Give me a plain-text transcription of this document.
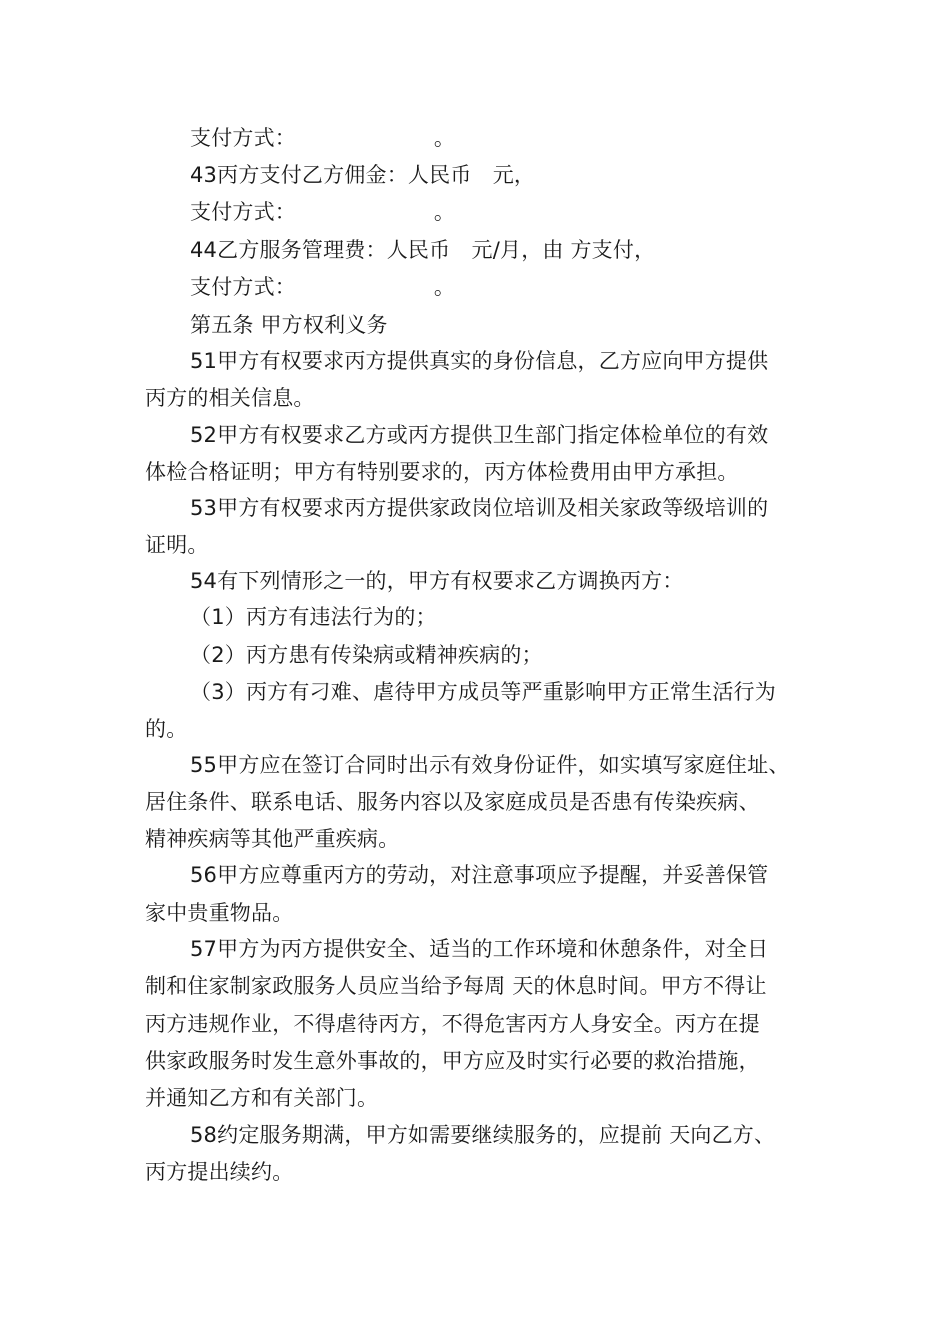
支付方式：　　　　　　　。
43丙方支付乙方佣金：人民币　元，
支付方式：　　　　　　　。
44乙方服务管理费：人民币　元/月，由 方支付，
支付方式：　　　　　　　。
第五条 甲方权利义务
51甲方有权要求丙方提供真实的身份信息，乙方应向甲方提供
丙方的相关信息。
52甲方有权要求乙方或丙方提供卫生部门指定体检单位的有效
体检合格证明；甲方有特别要求的，丙方体检费用由甲方承担。
53甲方有权要求丙方提供家政岗位培训及相关家政等级培训的
证明。
54有下列情形之一的，甲方有权要求乙方调换丙方：
（1）丙方有违法行为的；
（2）丙方患有传染病或精神疾病的；
（3）丙方有刁难、虐待甲方成员等严重影响甲方正常生活行为
的。
55甲方应在签订合同时出示有效身份证件，如实填写家庭住址、
居住条件、联系电话、服务内容以及家庭成员是否患有传染疾病、
精神疾病等其他严重疾病。
56甲方应尊重丙方的劳动，对注意事项应予提醒，并妥善保管
家中贵重物品。
57甲方为丙方提供安全、适当的工作环境和休憩条件，对全日
制和住家制家政服务人员应当给予每周 天的休息时间。甲方不得让
丙方违规作业，不得虐待丙方，不得危害丙方人身安全。丙方在提
供家政服务时发生意外事故的，甲方应及时实行必要的救治措施，
并通知乙方和有关部门。
58约定服务期满，甲方如需要继续服务的，应提前 天向乙方、
丙方提出续约。
